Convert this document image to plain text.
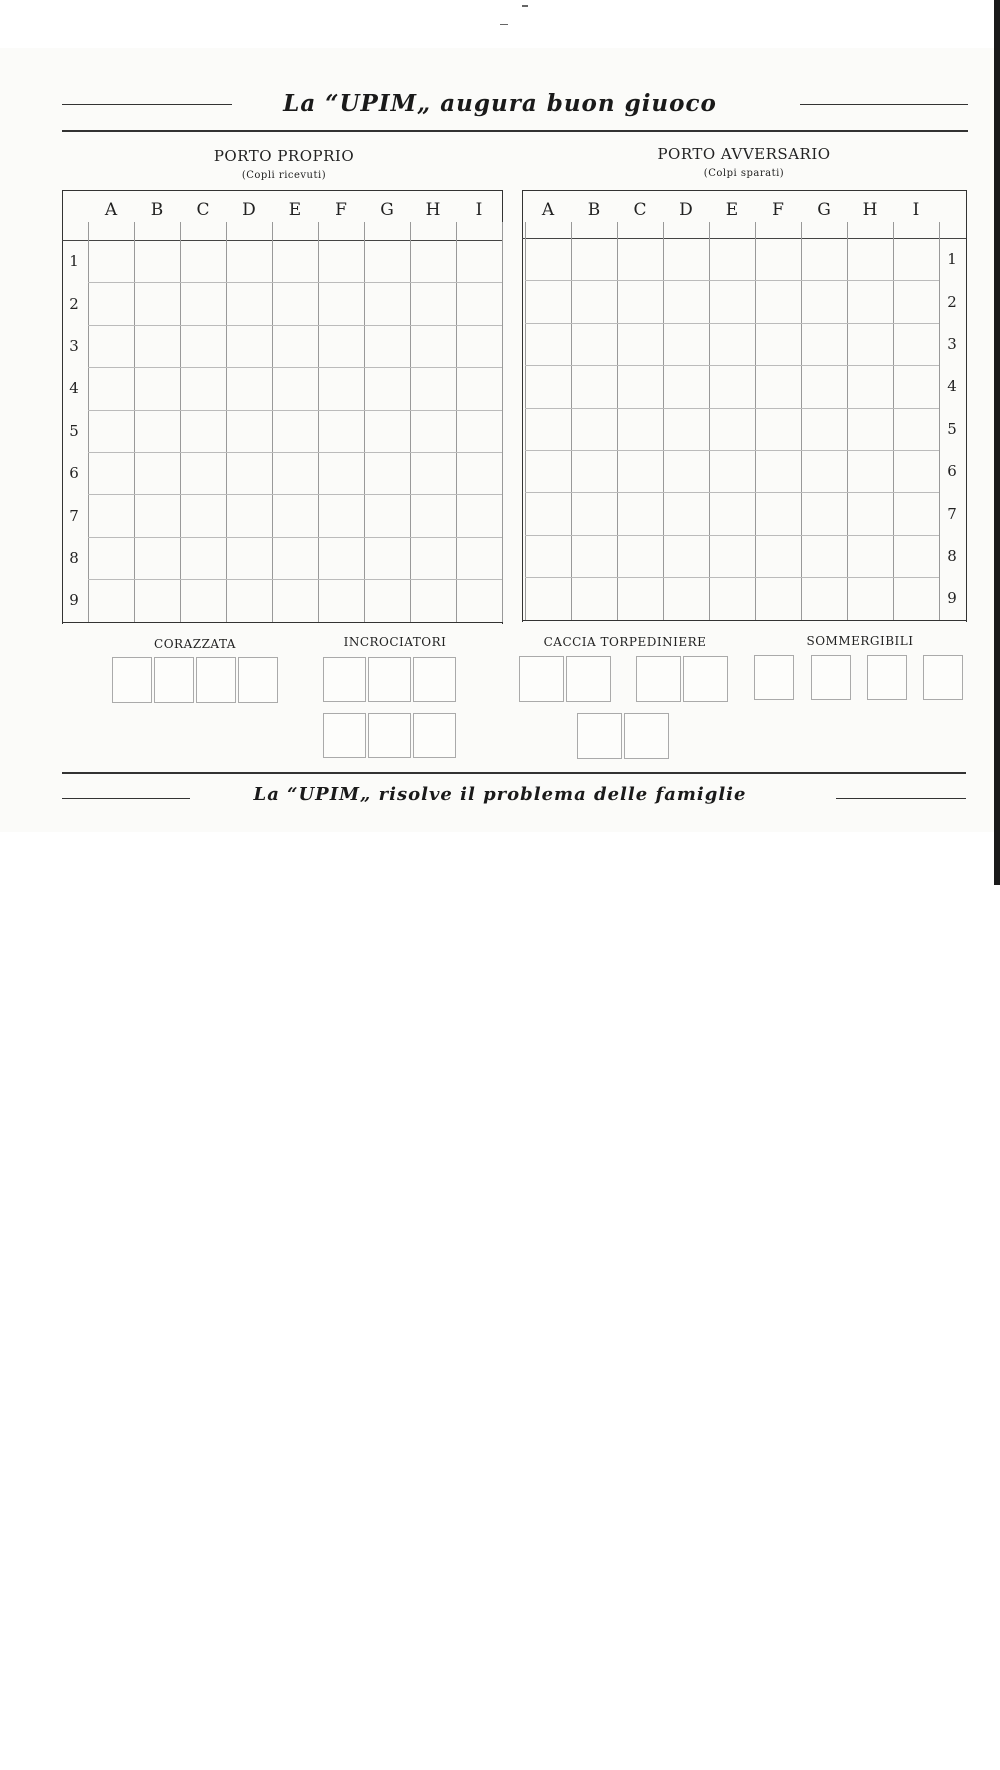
La “UPIM„ augura buon giuoco
PORTO PROPRIO
(Copli ricevuti)
PORTO AVVERSARIO
(Colpi sparati)
A	B	C	D	E	F	G	H	I
1
2
3
4
5
6
7
8
9
A	B	C	D	E	F	G	H	I
1
2
3
4
5
6
7
8
9
CORAZZATA	INCROCIATORI	CACCIA TORPEDINIERE	SOMMERGIBILI
La “UPIM„ risolve il problema delle famiglie
